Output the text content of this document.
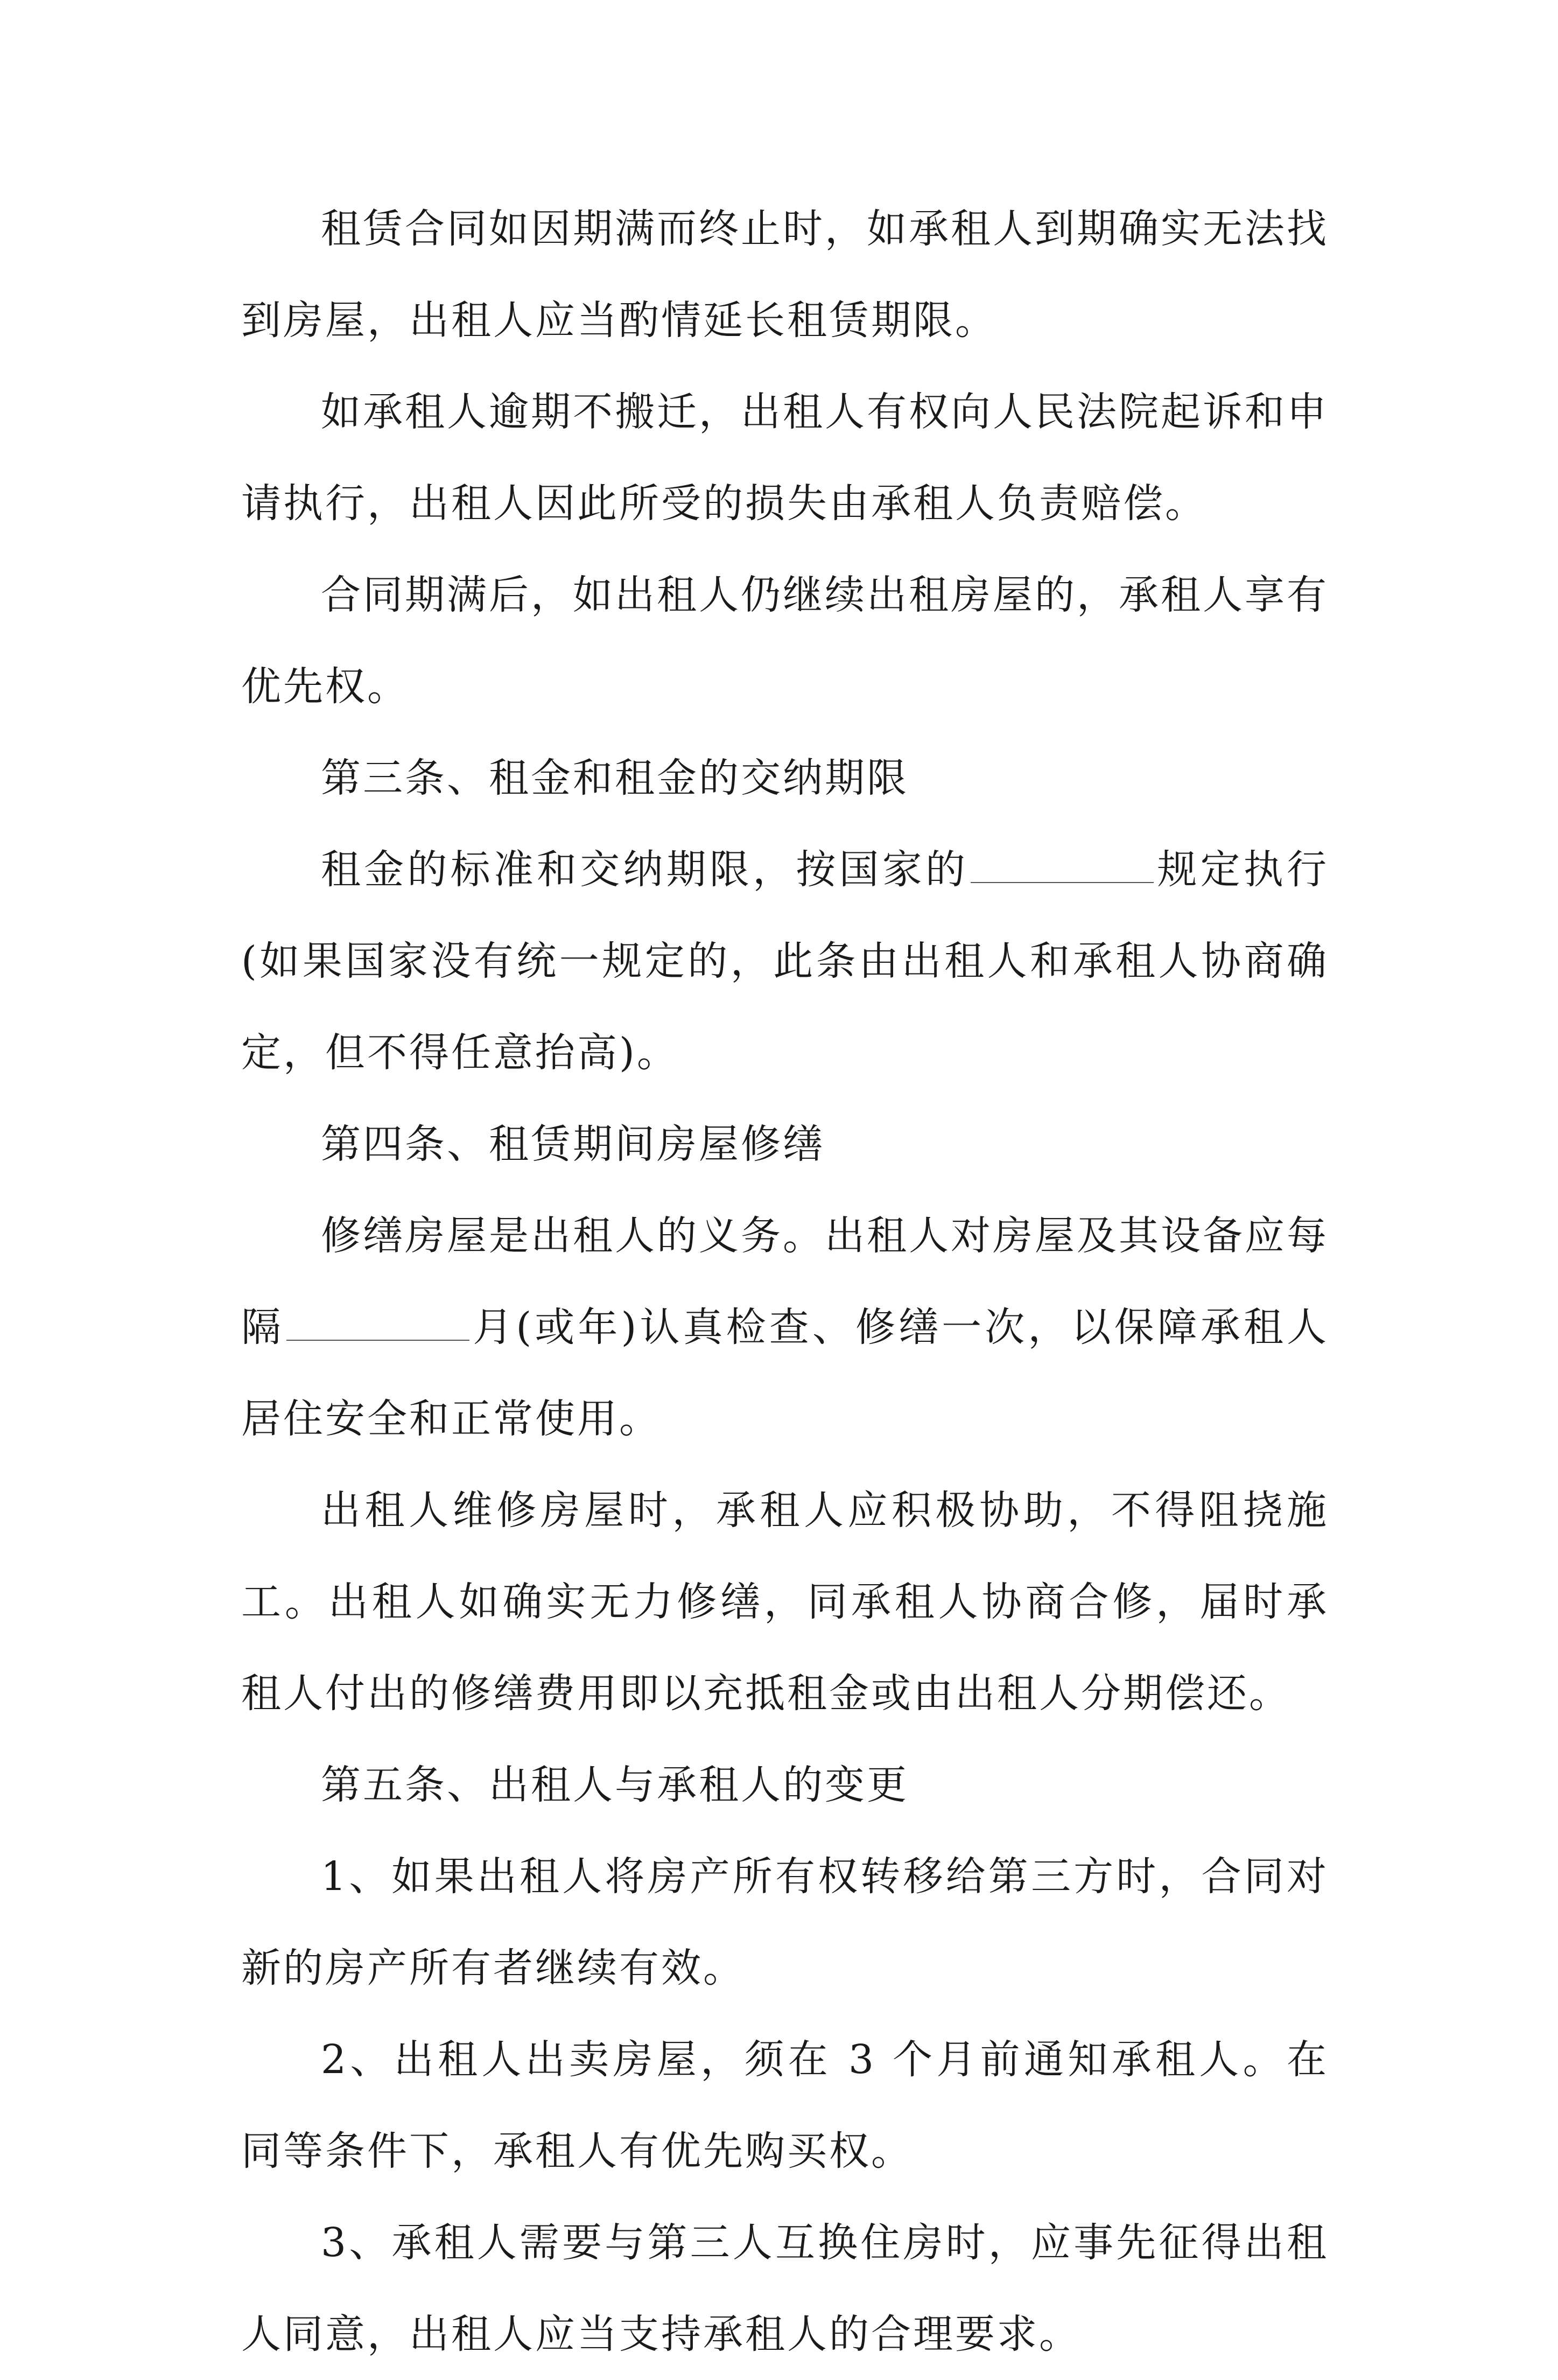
租赁合同如因期满而终止时，如承租人到期确实无法找到房屋，出租人应当酌情延长租赁期限。

如承租人逾期不搬迁，出租人有权向人民法院起诉和申请执行，出租人因此所受的损失由承租人负责赔偿。

合同期满后，如出租人仍继续出租房屋的，承租人享有优先权。

第三条、租金和租金的交纳期限

租金的标准和交纳期限，按国家的	规定执行(如果国家没有统一规定的，此条由出租人和承租人协商确定，但不得任意抬高)。

第四条、租赁期间房屋修缮

修缮房屋是出租人的义务。出租人对房屋及其设备应每隔	月(或年)认真检查、修缮一次，以保障承租人居住安全和正常使用。

出租人维修房屋时，承租人应积极协助，不得阻挠施工。出租人如确实无力修缮，同承租人协商合修，届时承租人付出的修缮费用即以充抵租金或由出租人分期偿还。

第五条、出租人与承租人的变更

1、如果出租人将房产所有权转移给第三方时，合同对新的房产所有者继续有效。

2、出租人出卖房屋，须在 3 个月前通知承租人。在同等条件下，承租人有优先购买权。

3、承租人需要与第三人互换住房时，应事先征得出租人同意，出租人应当支持承租人的合理要求。
